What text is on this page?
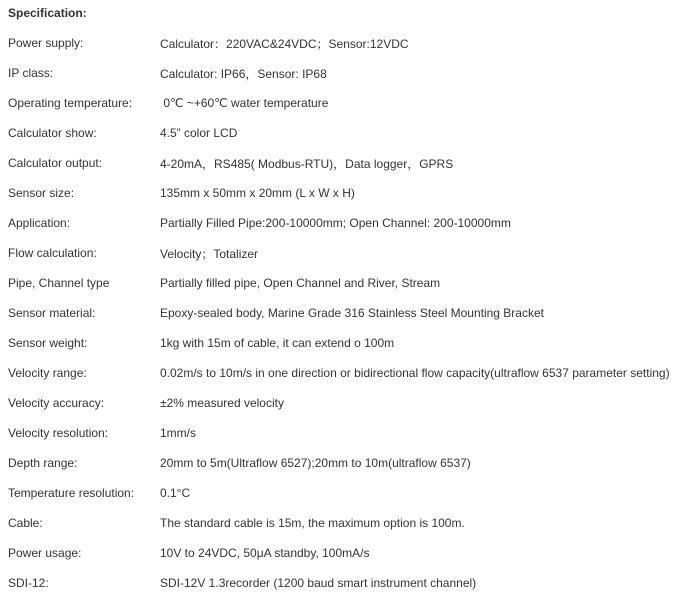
Specification:
Power supply:	Calculator：220VAC&24VDC；Sensor:12VDC
IP class:	Calculator: IP66，Sensor: IP68
Operating temperature:	0℃ ~+60℃ water temperature
Calculator show:	4.5” color LCD
Calculator output:	4-20mA，RS485( Modbus-RTU)，Data logger，GPRS
Sensor size:	135mm x 50mm x 20mm (L x W x H)
Application:	Partially Filled Pipe:200-10000mm; Open Channel: 200-10000mm
Flow calculation:	Velocity；Totalizer
Pipe, Channel type	Partially filled pipe, Open Channel and River, Stream
Sensor material:	Epoxy-sealed body, Marine Grade 316 Stainless Steel Mounting Bracket
Sensor weight:	1kg with 15m of cable, it can extend o 100m
Velocity range:	0.02m/s to 10m/s in one direction or bidirectional flow capacity(ultraflow 6537 parameter setting)
Velocity accuracy:	±2% measured velocity
Velocity resolution:	1mm/s
Depth range:	20mm to 5m(Ultraflow 6527);20mm to 10m(ultraflow 6537)
Temperature resolution:	0.1°C
Cable:	The standard cable is 15m, the maximum option is 100m.
Power usage:	10V to 24VDC, 50μA standby, 100mA/s
SDI-12:	SDI-12V 1.3recorder (1200 baud smart instrument channel)
